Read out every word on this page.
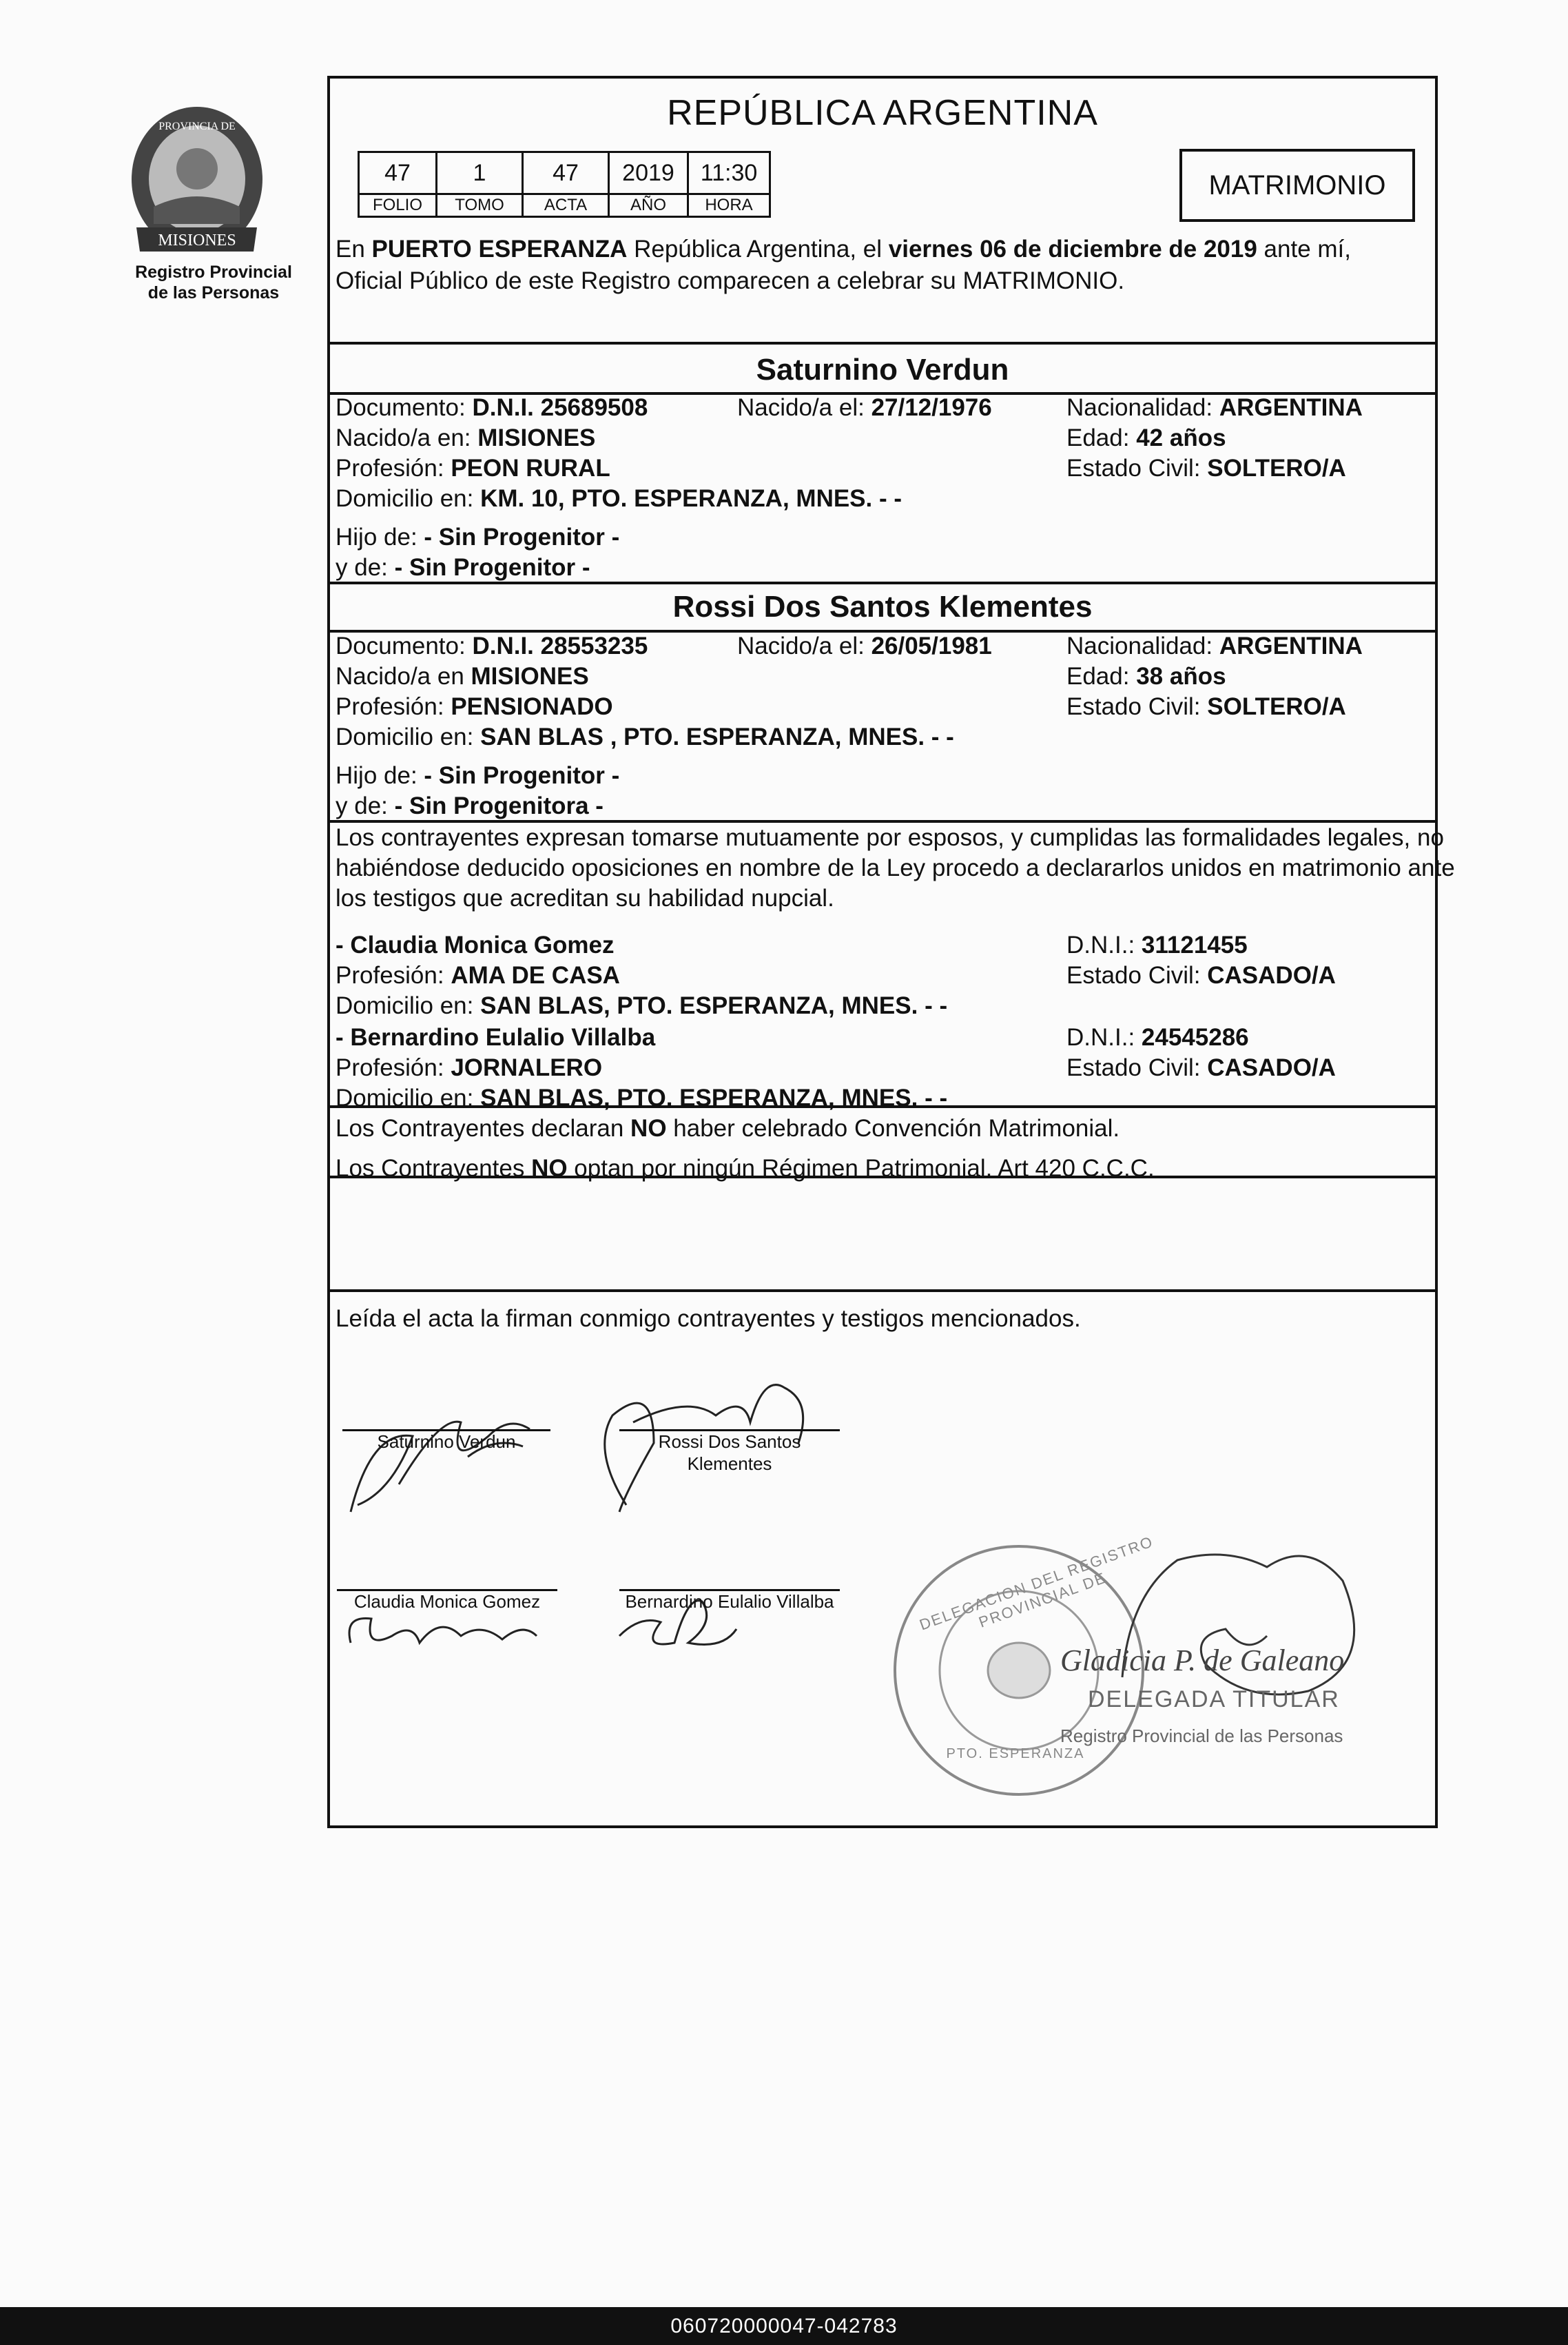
PROVINCIA DE
MISIONES
Registro Provincial
de las Personas
REPÚBLICA ARGENTINA
47	1	47	2019	11:30
FOLIO	TOMO	ACTA	AÑO	HORA
MATRIMONIO
En PUERTO ESPERANZA República Argentina, el viernes 06 de diciembre de 2019 ante mí,
Oficial Público de este Registro comparecen a celebrar su MATRIMONIO.
Saturnino Verdun
Documento: D.N.I. 25689508	Nacido/a el: 27/12/1976	Nacionalidad: ARGENTINA
Nacido/a en: MISIONES	Edad: 42 años
Profesión: PEON RURAL	Estado Civil: SOLTERO/A
Domicilio en: KM. 10, PTO. ESPERANZA, MNES. - -
Hijo de: - Sin Progenitor -
y de: - Sin Progenitor -
Rossi Dos Santos Klementes
Documento: D.N.I. 28553235	Nacido/a el: 26/05/1981	Nacionalidad: ARGENTINA
Nacido/a en MISIONES	Edad: 38 años
Profesión: PENSIONADO	Estado Civil: SOLTERO/A
Domicilio en: SAN BLAS , PTO. ESPERANZA, MNES. - -
Hijo de: - Sin Progenitor -
y de: - Sin Progenitora -
Los contrayentes expresan tomarse mutuamente por esposos, y cumplidas las formalidades legales, no
habiéndose deducido oposiciones en nombre de la Ley procedo a declararlos unidos en matrimonio ante
los testigos que acreditan su habilidad nupcial.
- Claudia Monica Gomez	D.N.I.: 31121455
Profesión: AMA DE CASA	Estado Civil: CASADO/A
Domicilio en: SAN BLAS, PTO. ESPERANZA, MNES. - -
- Bernardino Eulalio Villalba	D.N.I.: 24545286
Profesión: JORNALERO	Estado Civil: CASADO/A
Domicilio en: SAN BLAS, PTO. ESPERANZA, MNES. - -
Los Contrayentes declaran NO haber celebrado Convención Matrimonial.
Los Contrayentes NO optan por ningún Régimen Patrimonial. Art 420 C.C.C.
Leída el acta la firman conmigo contrayentes y testigos mencionados.
Saturnino Verdun	Rossi Dos Santos
Klementes
Claudia Monica Gomez	Bernardino Eulalio Villalba	DELEGACION DEL REGISTRO PROVINCIAL DE
PTO. ESPERANZA
Gladicia P. de Galeano
DELEGADA TITULAR
Registro Provincial de las Personas
060720000047-042783
